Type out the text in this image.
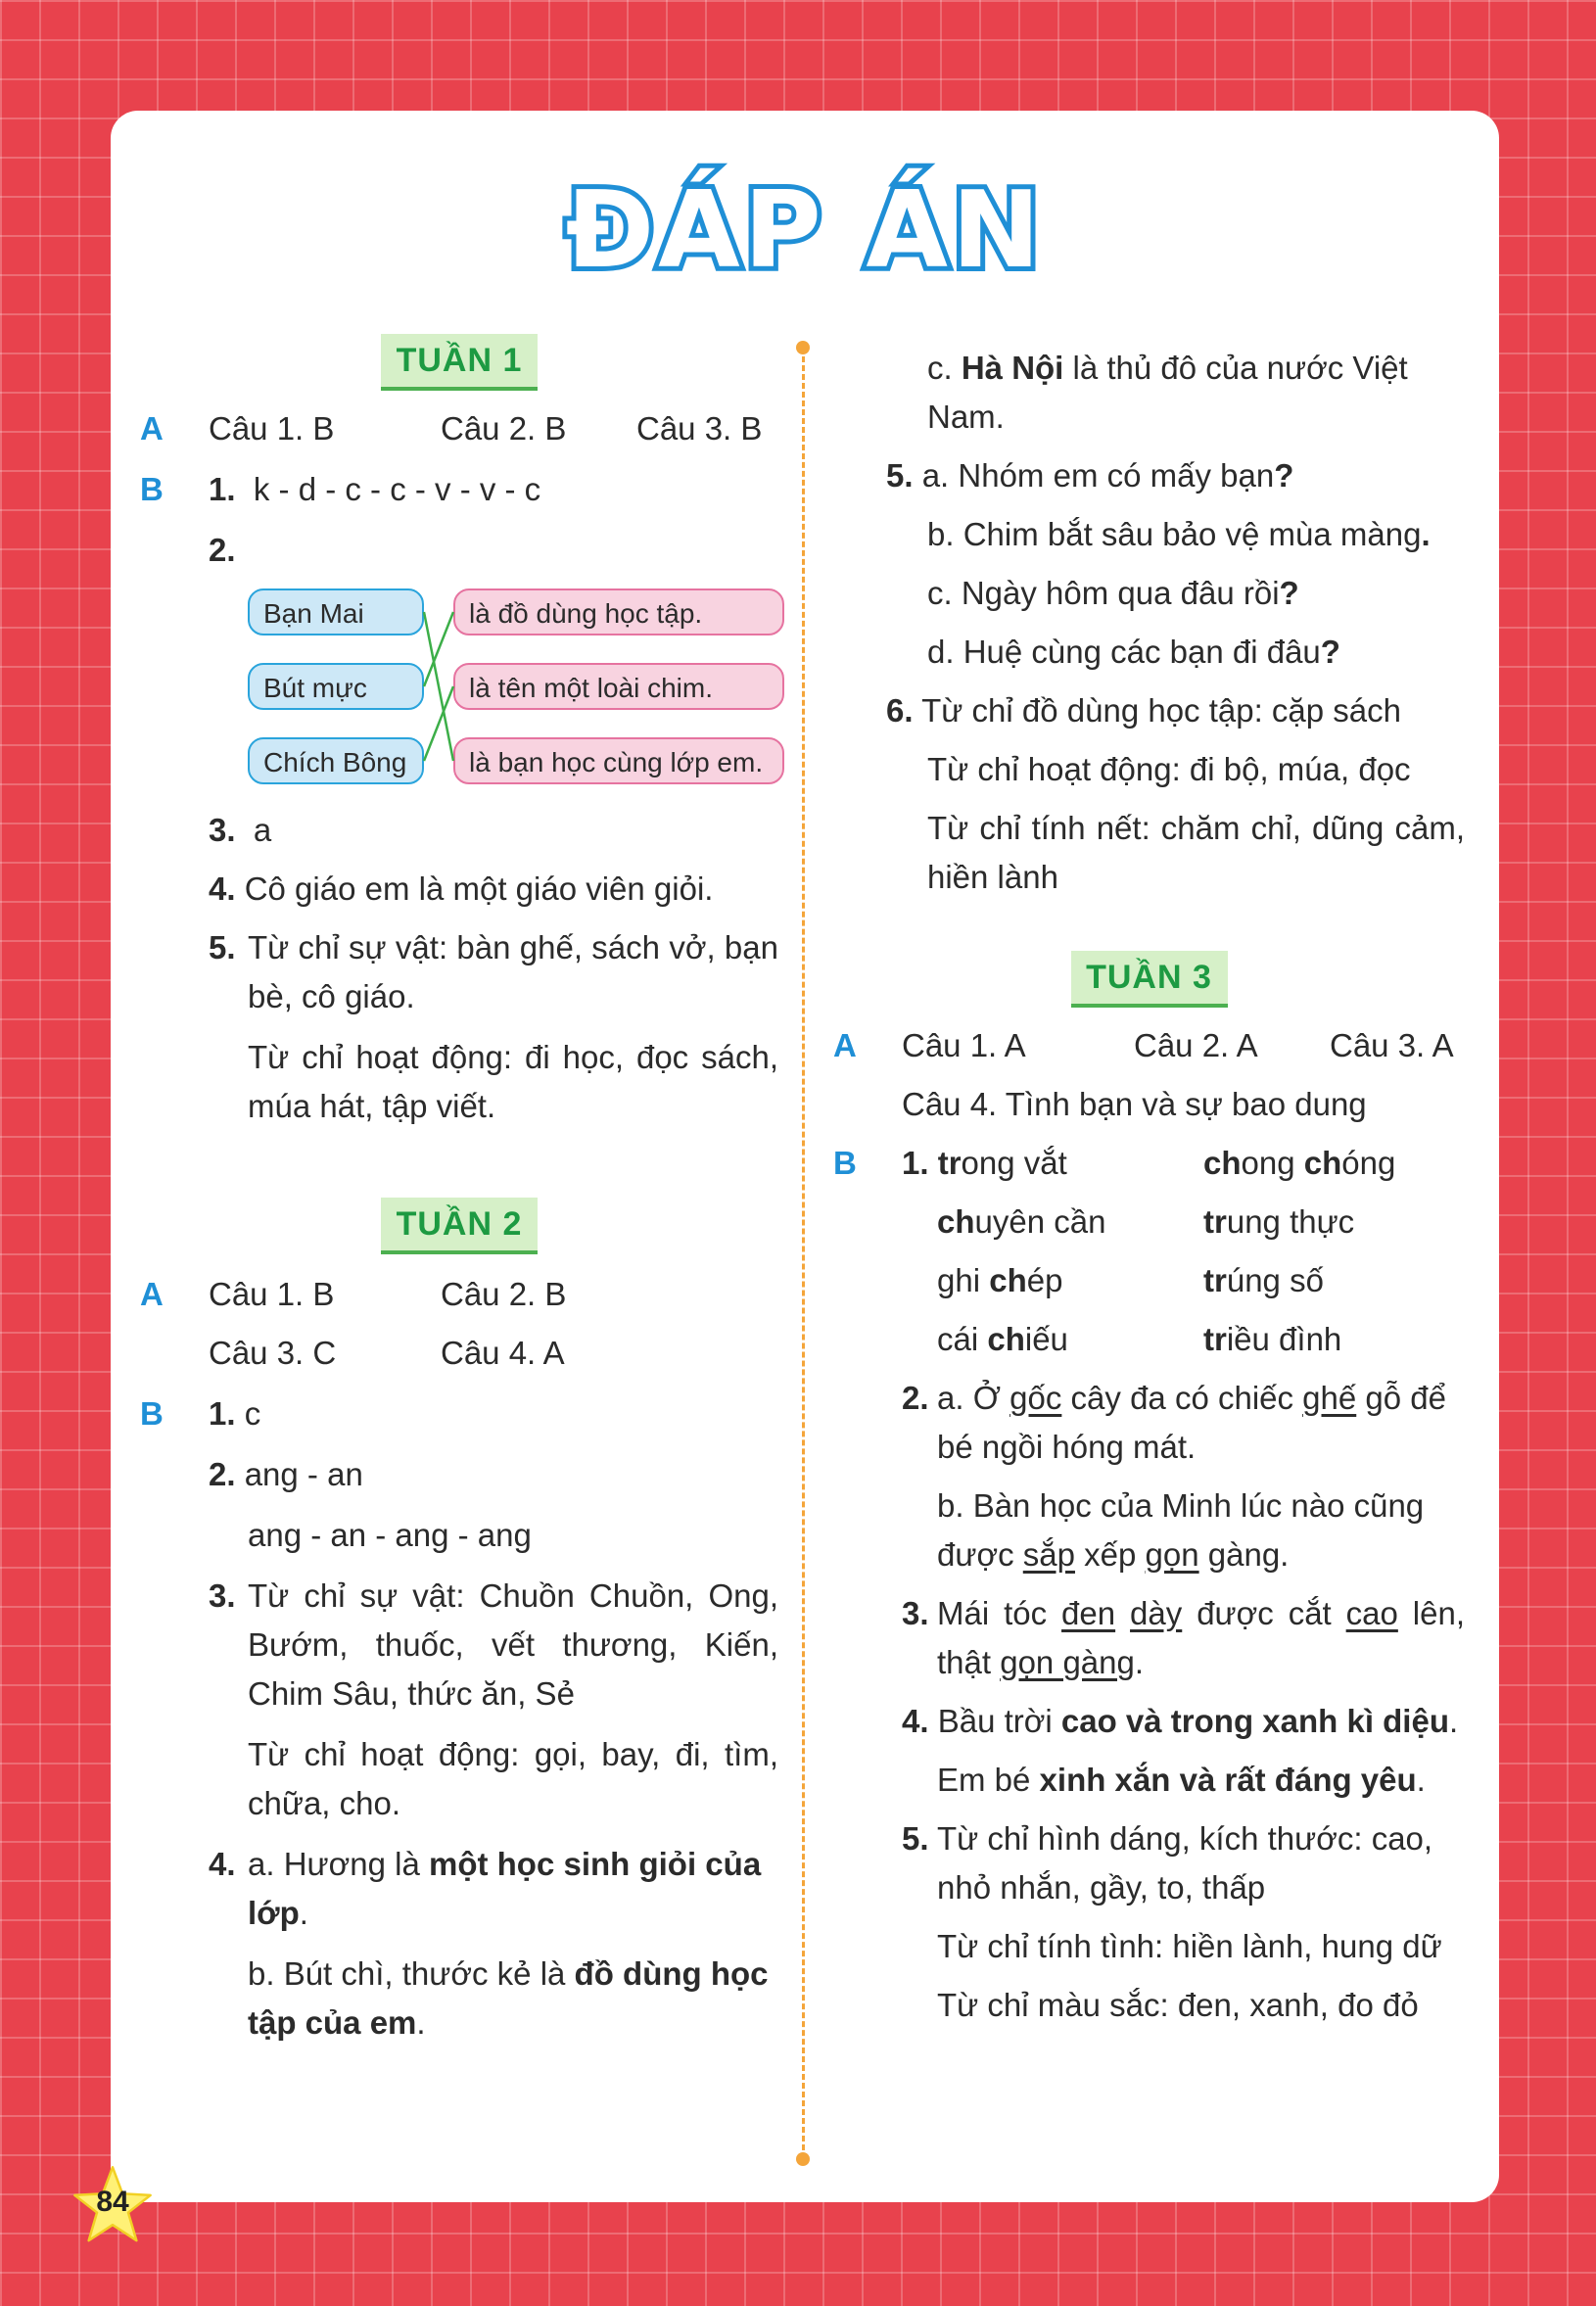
ĐÁP ÁN
TUẦN 1
A	Câu 1. B	Câu 2. B	Câu 3. B
B	1. k - d - c - c - v - v - c
2.
Bạn Mai
Bút mực
Chích Bông
là đồ dùng học tập.
là tên một loài chim.
là bạn học cùng lớp em.
3. a
4. Cô giáo em là một giáo viên giỏi.
5. Từ chỉ sự vật: bàn ghế, sách vở, bạn bè, cô giáo.
Từ chỉ hoạt động: đi học, đọc sách, múa hát, tập viết.
TUẦN 2
A	Câu 1. B	Câu 2. B
Câu 3. C	Câu 4. A
B	1. c
2. ang - an
ang - an - ang - ang
3. Từ chỉ sự vật: Chuồn Chuồn, Ong, Bướm, thuốc, vết thương, Kiến, Chim Sâu, thức ăn, Sẻ
Từ chỉ hoạt động: gọi, bay, đi, tìm, chữa, cho.
4. a. Hương là một học sinh giỏi của lớp.
b. Bút chì, thước kẻ là đồ dùng học tập của em.
c. Hà Nội là thủ đô của nước Việt Nam.
5. a. Nhóm em có mấy bạn?
b. Chim bắt sâu bảo vệ mùa màng.
c. Ngày hôm qua đâu rồi?
d. Huệ cùng các bạn đi đâu?
6. Từ chỉ đồ dùng học tập: cặp sách
Từ chỉ hoạt động: đi bộ, múa, đọc
Từ chỉ tính nết: chăm chỉ, dũng cảm, hiền lành
TUẦN 3
A	Câu 1. A	Câu 2. A	Câu 3. A
Câu 4. Tình bạn và sự bao dung
B	1. trong vắt	chong chóng
chuyên cần	trung thực
ghi chép	trúng số
cái chiếu	triều đình
2. a. Ở gốc cây đa có chiếc ghế gỗ để bé ngồi hóng mát.
b. Bàn học của Minh lúc nào cũng được sắp xếp gọn gàng.
3. Mái tóc đen dày được cắt cao lên, thật gọn gàng.
4. Bầu trời cao và trong xanh kì diệu.
Em bé xinh xắn và rất đáng yêu.
5. Từ chỉ hình dáng, kích thước: cao, nhỏ nhắn, gầy, to, thấp
Từ chỉ tính tình: hiền lành, hung dữ
Từ chỉ màu sắc: đen, xanh, đo đỏ
84
